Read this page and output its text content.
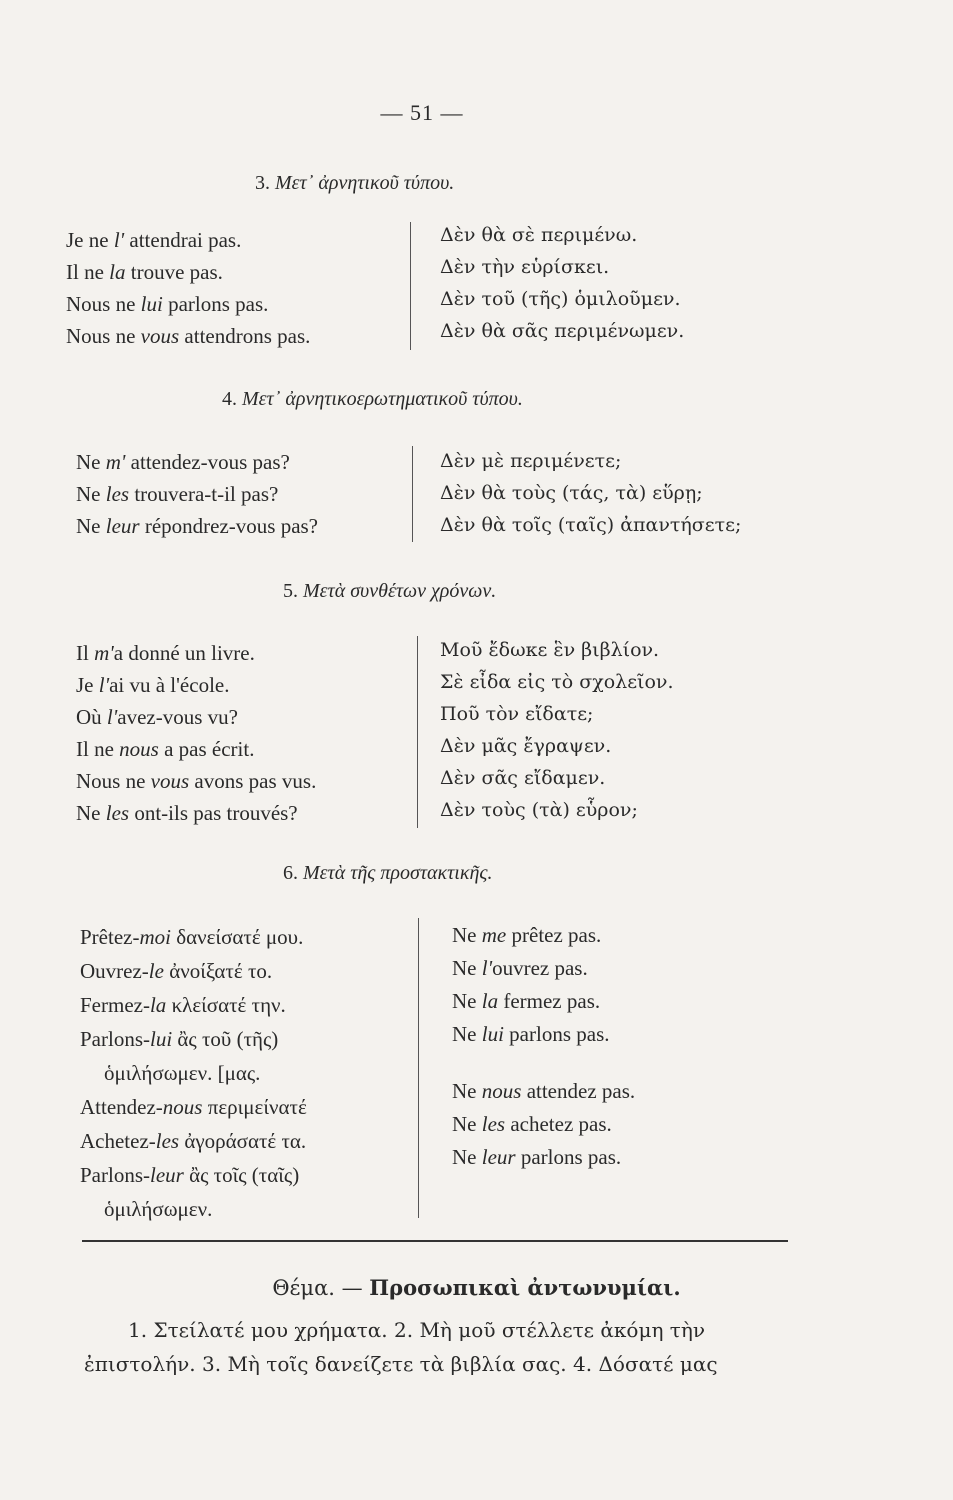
— 51 —
3. Μετ᾽ ἀρνητικοῦ τύπου.
Je ne l' attendrai pas.
Il ne la trouve pas.
Nous ne lui parlons pas.
Nous ne vous attendrons pas.
Δὲν θὰ σὲ περιμένω.
Δὲν τὴν εὑρίσκει.
Δὲν τοῦ (τῆς) ὁμιλοῦμεν.
Δὲν θὰ σᾶς περιμένωμεν.
4. Μετ᾽ ἀρνητικοερωτηματικοῦ τύπου.
Ne m' attendez-vous pas?
Ne les trouvera-t-il pas?
Ne leur répondrez-vous pas?
Δὲν μὲ περιμένετε;
Δὲν θὰ τοὺς (τάς, τὰ) εὕρῃ;
Δὲν θὰ τοῖς (ταῖς) ἀπαντήσετε;
5. Μετὰ συνθέτων χρόνων.
Il m'a donné un livre.
Je l'ai vu à l'école.
Où l'avez-vous vu?
Il ne nous a pas écrit.
Nous ne vous avons pas vus.
Ne les ont-ils pas trouvés?
Μοῦ ἔδωκε ἓν βιβλίον.
Σὲ εἶδα εἰς τὸ σχολεῖον.
Ποῦ τὸν εἴδατε;
Δὲν μᾶς ἔγραψεν.
Δὲν σᾶς εἴδαμεν.
Δὲν τοὺς (τὰ) εὗρον;
6. Μετὰ τῆς προστακτικῆς.
Prêtez-moi δανείσατέ μου.
Ouvrez-le ἀνοίξατέ το.
Fermez-la κλείσατέ την.
Parlons-lui ἂς τοῦ (τῆς)
ὁμιλήσωμεν. [μας.
Attendez-nous περιμείνατέ
Achetez-les ἀγοράσατέ τα.
Parlons-leur ἂς τοῖς (ταῖς)
ὁμιλήσωμεν.
Ne me prêtez pas.
Ne l'ouvrez pas.
Ne la fermez pas.
Ne lui parlons pas.
Ne nous attendez pas.
Ne les achetez pas.
Ne leur parlons pas.
Θέμα. — Προσωπικαὶ ἀντωνυμίαι.
1. Στείλατέ μου χρήματα. 2. Μὴ μοῦ στέλλετε ἀκόμη τὴν
ἐπιστολήν. 3. Μὴ τοῖς δανείζετε τὰ βιβλία σας. 4. Δόσατέ μας
